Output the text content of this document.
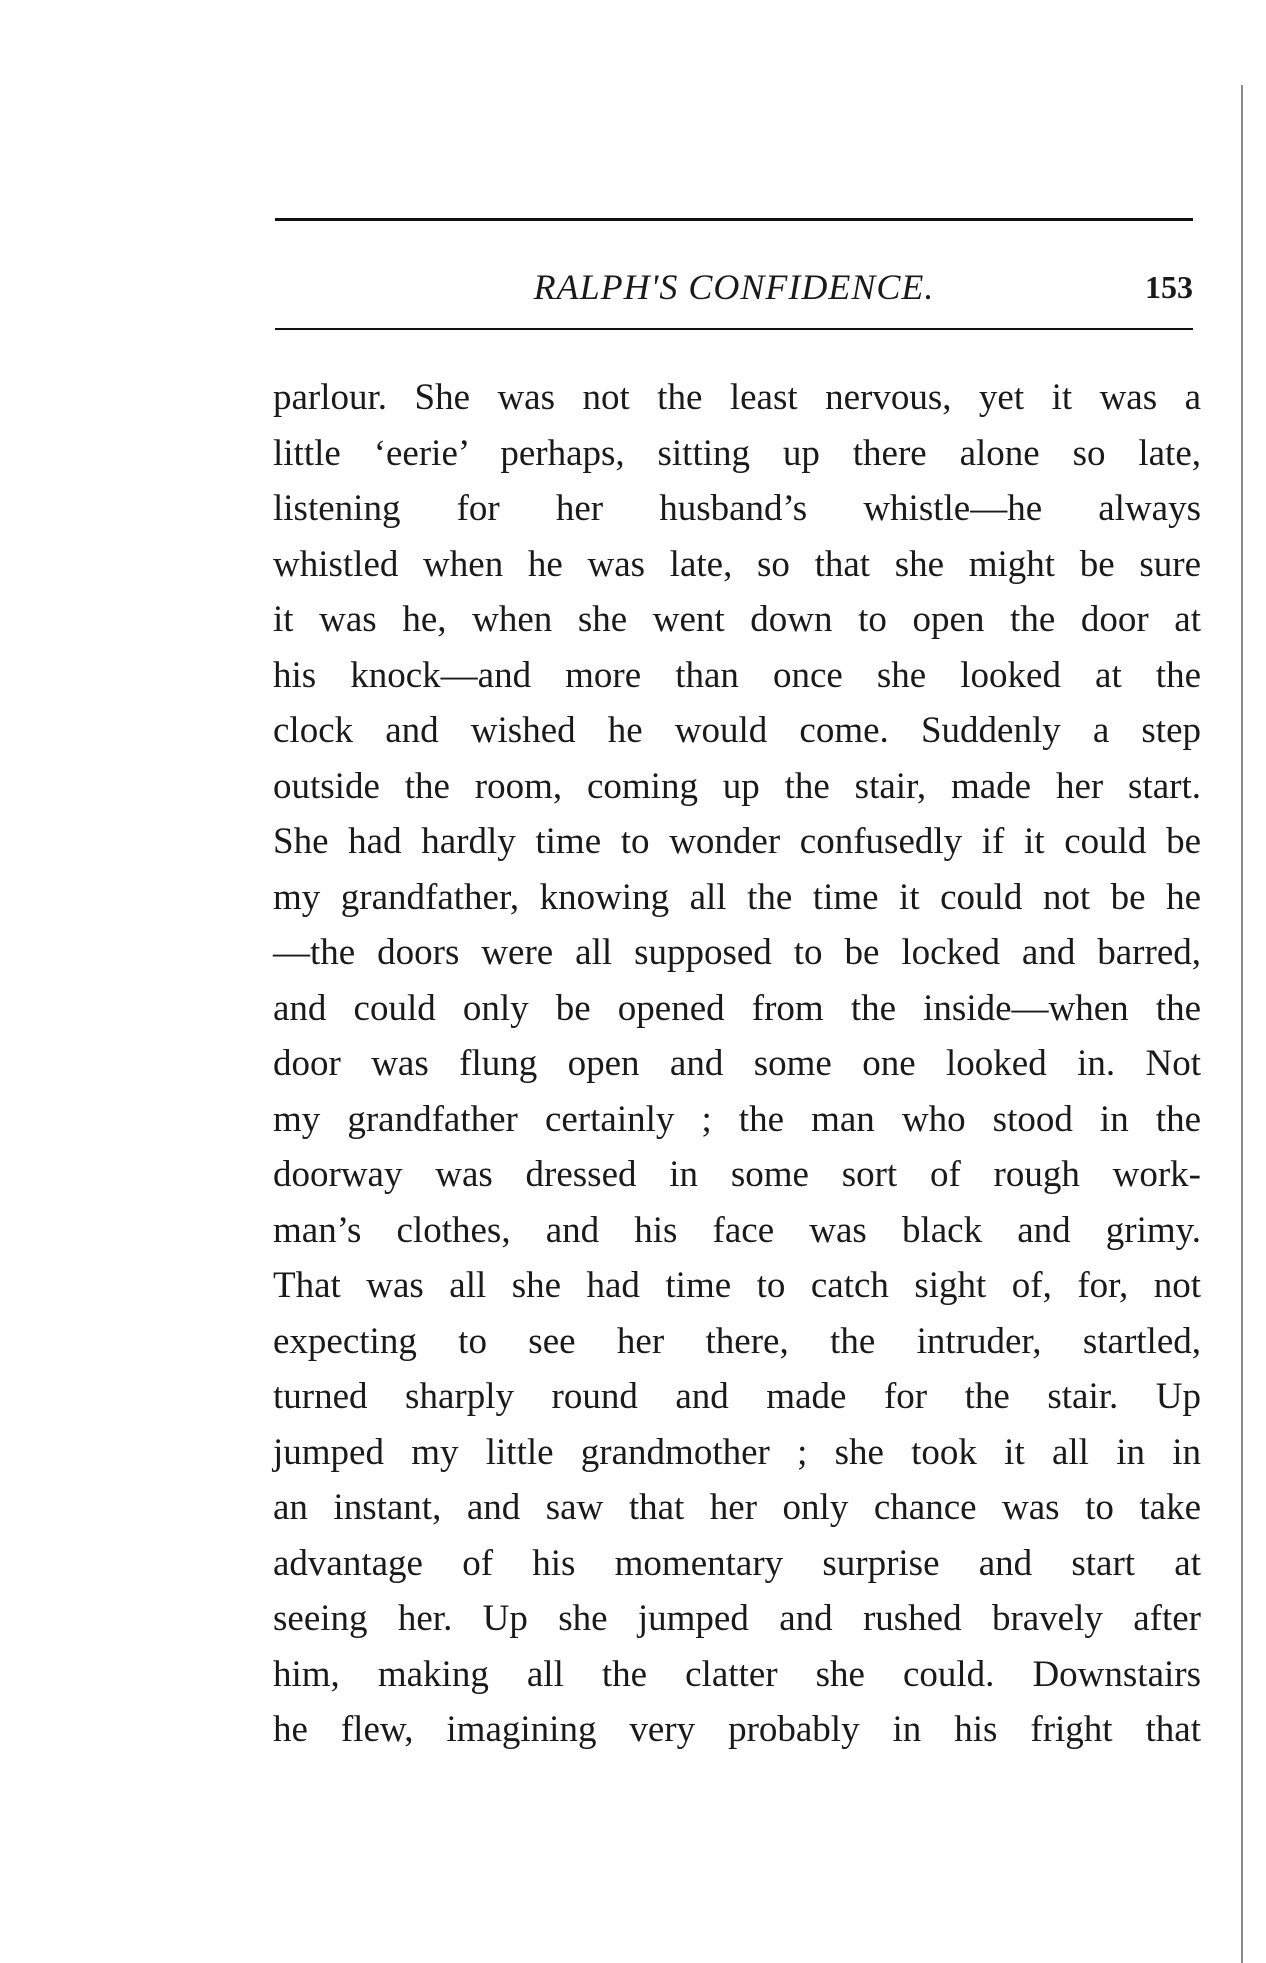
RALPH'S CONFIDENCE.	153
parlour. She was not the least nervous, yet it was a
little ‘eerie’ perhaps, sitting up there alone so late,
listening for her husband’s whistle—he always
whistled when he was late, so that she might be sure
it was he, when she went down to open the door at
his knock—and more than once she looked at the
clock and wished he would come. Suddenly a step
outside the room, coming up the stair, made her start.
She had hardly time to wonder confusedly if it could be
my grandfather, knowing all the time it could not be he
—the doors were all supposed to be locked and barred,
and could only be opened from the inside—when the
door was flung open and some one looked in. Not
my grandfather certainly ; the man who stood in the
doorway was dressed in some sort of rough work-
man’s clothes, and his face was black and grimy.
That was all she had time to catch sight of, for, not
expecting to see her there, the intruder, startled,
turned sharply round and made for the stair. Up
jumped my little grandmother ; she took it all in in
an instant, and saw that her only chance was to take
advantage of his momentary surprise and start at
seeing her. Up she jumped and rushed bravely after
him, making all the clatter she could. Downstairs
he flew, imagining very probably in his fright that
